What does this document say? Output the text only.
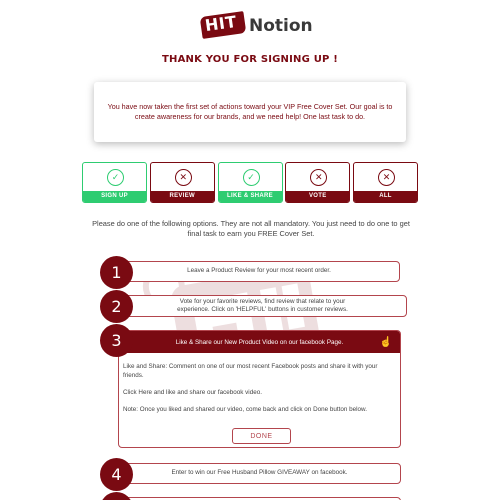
HIT Notion
THANK YOU FOR SIGNING UP !
You have now taken the first set of actions toward your VIP Free Cover Set. Our goal is to create awareness for our brands, and we need help! One last task to do.
✓
SIGN UP
✕
REVIEW
✓
LIKE & SHARE
✕
VOTE
✕
ALL
Please do one of the following options. They are not all mandatory. You just need to do one to get final task to earn you FREE Cover Set.
1	Leave a Product Review for your most recent order.
2	Vote for your favorite reviews, find review that relate to your experience. Click on 'HELPFUL' buttons in customer reviews.
3	Like & Share our New Product Video on our facebook Page.	☝

Like and Share: Comment on one of our most recent Facebook posts and share it with your friends.

Click Here and like and share our facebook video.

Note: Once you liked and shared our video, come back and click on Done button below.

DONE
4	Enter to win our Free Husband Pillow GIVEAWAY on facebook.
